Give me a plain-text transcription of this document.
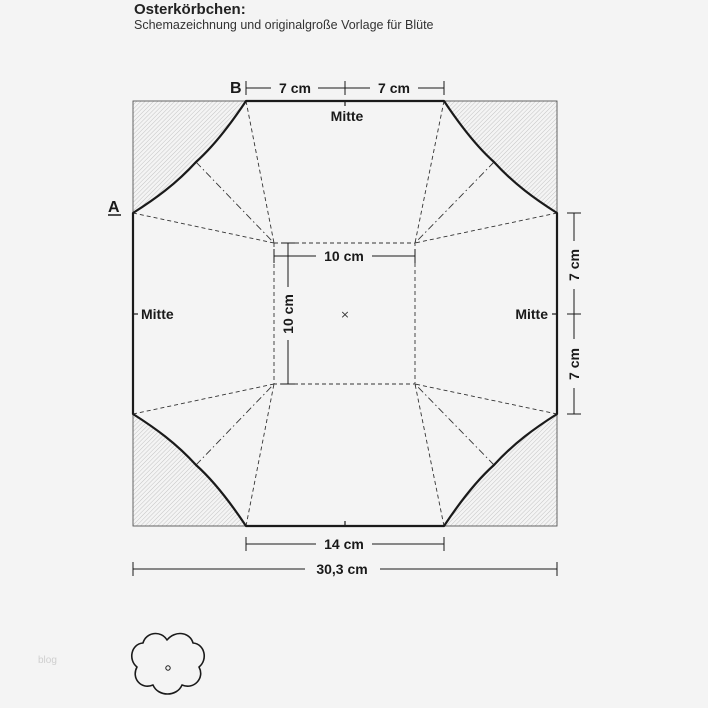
Osterkörbchen:
Schemazeichnung und originalgroße Vorlage für Blüte
blog
7 cm	7 cm
B
A
Mitte
Mitte	Mitte
10 cm
10 cm	×
7 cm
7 cm
14 cm
30,3 cm
